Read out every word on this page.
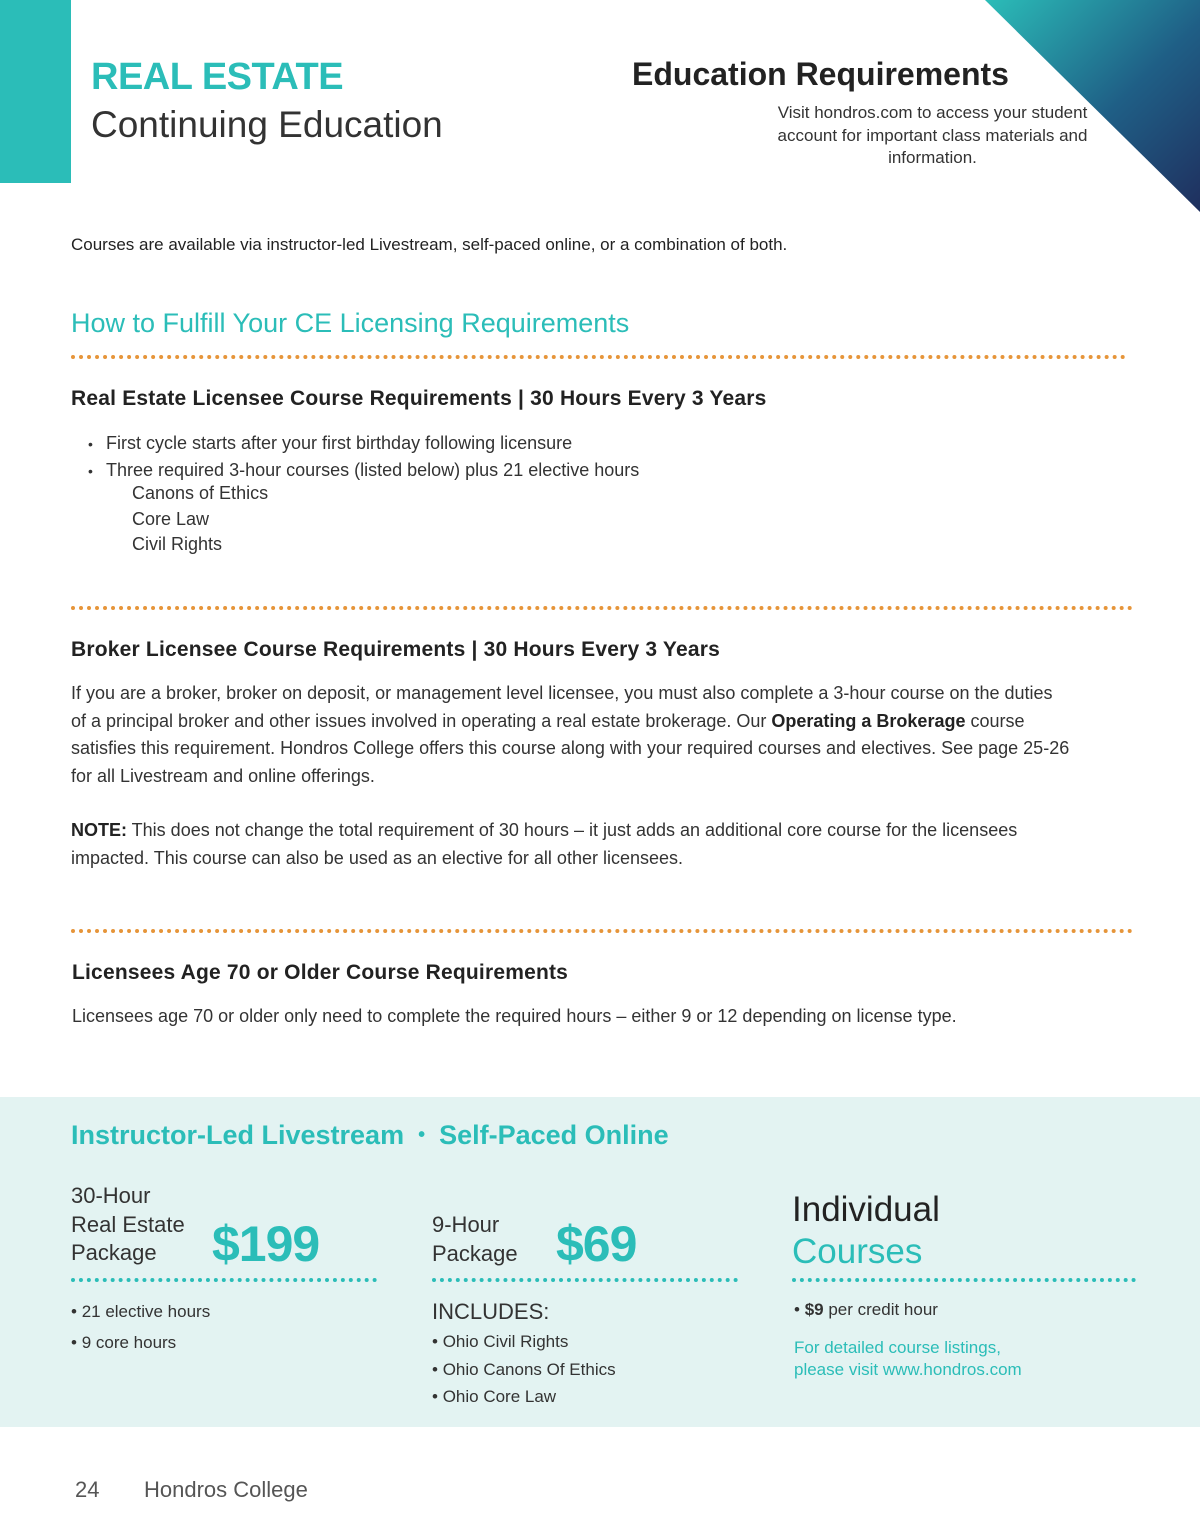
REAL ESTATE
Continuing Education
Education Requirements
Visit hondros.com to access your student account for important class materials and information.
Courses are available via instructor-led Livestream, self-paced online, or a combination of both.
How to Fulfill Your CE Licensing Requirements
Real Estate Licensee Course Requirements | 30 Hours Every 3 Years
• First cycle starts after your first birthday following licensure
• Three required 3-hour courses (listed below) plus 21 elective hours
Canons of Ethics
Core Law
Civil Rights
Broker Licensee Course Requirements | 30 Hours Every 3 Years
If you are a broker, broker on deposit, or management level licensee, you must also complete a 3-hour course on the duties of a principal broker and other issues involved in operating a real estate brokerage. Our Operating a Brokerage course satisfies this requirement. Hondros College offers this course along with your required courses and electives. See page 25-26 for all Livestream and online offerings.
NOTE: This does not change the total requirement of 30 hours – it just adds an additional core course for the licensees impacted. This course can also be used as an elective for all other licensees.
Licensees Age 70 or Older Course Requirements
Licensees age 70 or older only need to complete the required hours – either 9 or 12 depending on license type.
Instructor-Led Livestream • Self-Paced Online
30-Hour
Real Estate
Package	$199
• 21 elective hours
• 9 core hours
9-Hour
Package $69
INCLUDES:
• Ohio Civil Rights
• Ohio Canons Of Ethics
• Ohio Core Law
Individual
Courses
• $9 per credit hour
For detailed course listings,
please visit www.hondros.com
24 Hondros College
